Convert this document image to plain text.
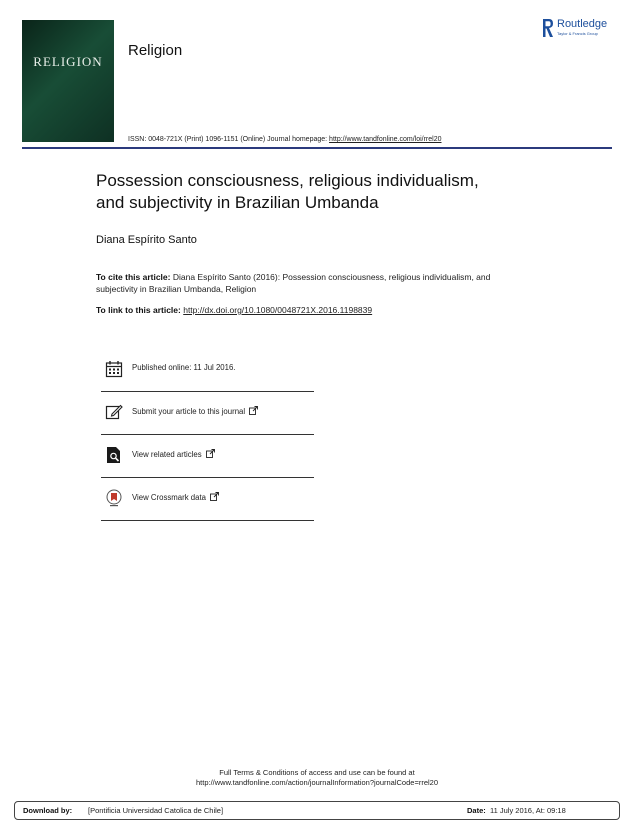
RELIGION
Religion
Routledge
Taylor & Francis Group
ISSN: 0048-721X (Print) 1096-1151 (Online) Journal homepage: http://www.tandfonline.com/loi/rrel20
Possession consciousness, religious individualism,
and subjectivity in Brazilian Umbanda
Diana Espírito Santo
To cite this article: Diana Espírito Santo (2016): Possession consciousness, religious individualism, and subjectivity in Brazilian Umbanda, Religion
To link to this article: http://dx.doi.org/10.1080/0048721X.2016.1198839
Published online: 11 Jul 2016.
Submit your article to this journal
View related articles
View Crossmark data
Full Terms & Conditions of access and use can be found at
http://www.tandfonline.com/action/journalInformation?journalCode=rrel20
Download by: [Pontificia Universidad Catolica de Chile]	Date: 11 July 2016, At: 09:18
